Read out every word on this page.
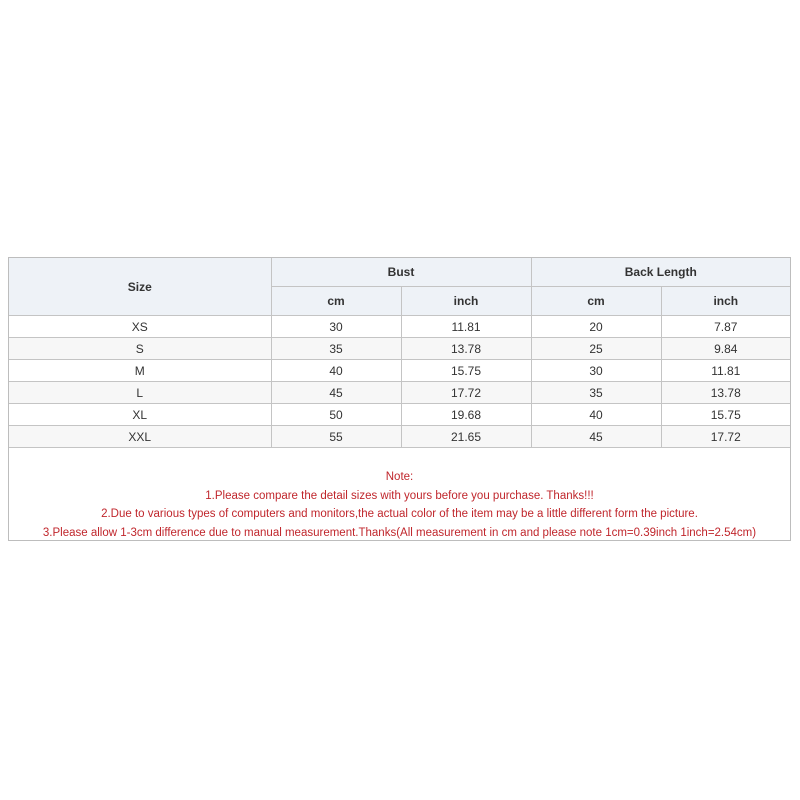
Size	Bust		Back Length	
	cm	inch	cm	inch
XS	30	11.81	20	7.87
S	35	13.78	25	9.84
M	40	15.75	30	11.81
L	45	17.72	35	13.78
XL	50	19.68	40	15.75
XXL	55	21.65	45	17.72
Note:
1.Please compare the detail sizes with yours before you purchase. Thanks!!!
2.Due to various types of computers and monitors,the actual color of the item may be a little different form the picture.
3.Please allow 1-3cm difference due to manual measurement.Thanks(All measurement in cm and please note 1cm=0.39inch 1inch=2.54cm)
